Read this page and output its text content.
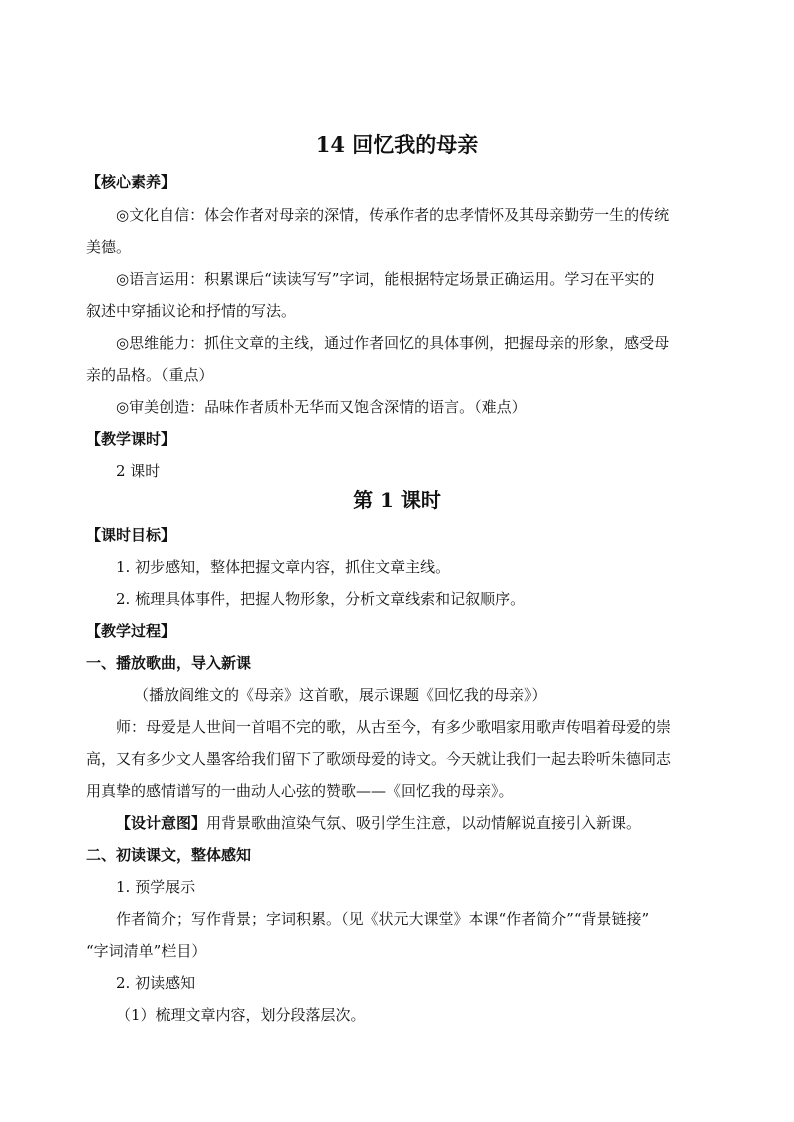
14 回忆我的母亲
【核心素养】
◎文化自信：体会作者对母亲的深情，传承作者的忠孝情怀及其母亲勤劳一生的传统
美德。
◎语言运用：积累课后“读读写写”字词，能根据特定场景正确运用。学习在平实的
叙述中穿插议论和抒情的写法。
◎思维能力：抓住文章的主线，通过作者回忆的具体事例，把握母亲的形象，感受母
亲的品格。（重点）
◎审美创造：品味作者质朴无华而又饱含深情的语言。（难点）
【教学课时】
2 课时
第 1 课时
【课时目标】
1. 初步感知，整体把握文章内容，抓住文章主线。
2. 梳理具体事件，把握人物形象，分析文章线索和记叙顺序。
【教学过程】
一、播放歌曲，导入新课
（播放阎维文的《母亲》这首歌，展示课题《回忆我的母亲》）
师：母爱是人世间一首唱不完的歌，从古至今，有多少歌唱家用歌声传唱着母爱的崇
高，又有多少文人墨客给我们留下了歌颂母爱的诗文。今天就让我们一起去聆听朱德同志
用真挚的感情谱写的一曲动人心弦的赞歌——《回忆我的母亲》。
【设计意图】用背景歌曲渲染气氛、吸引学生注意，以动情解说直接引入新课。
二、初读课文，整体感知
1. 预学展示
作者简介；写作背景；字词积累。（见《状元大课堂》本课“作者简介”“背景链接”
“字词清单”栏目）
2. 初读感知
（1）梳理文章内容，划分段落层次。
